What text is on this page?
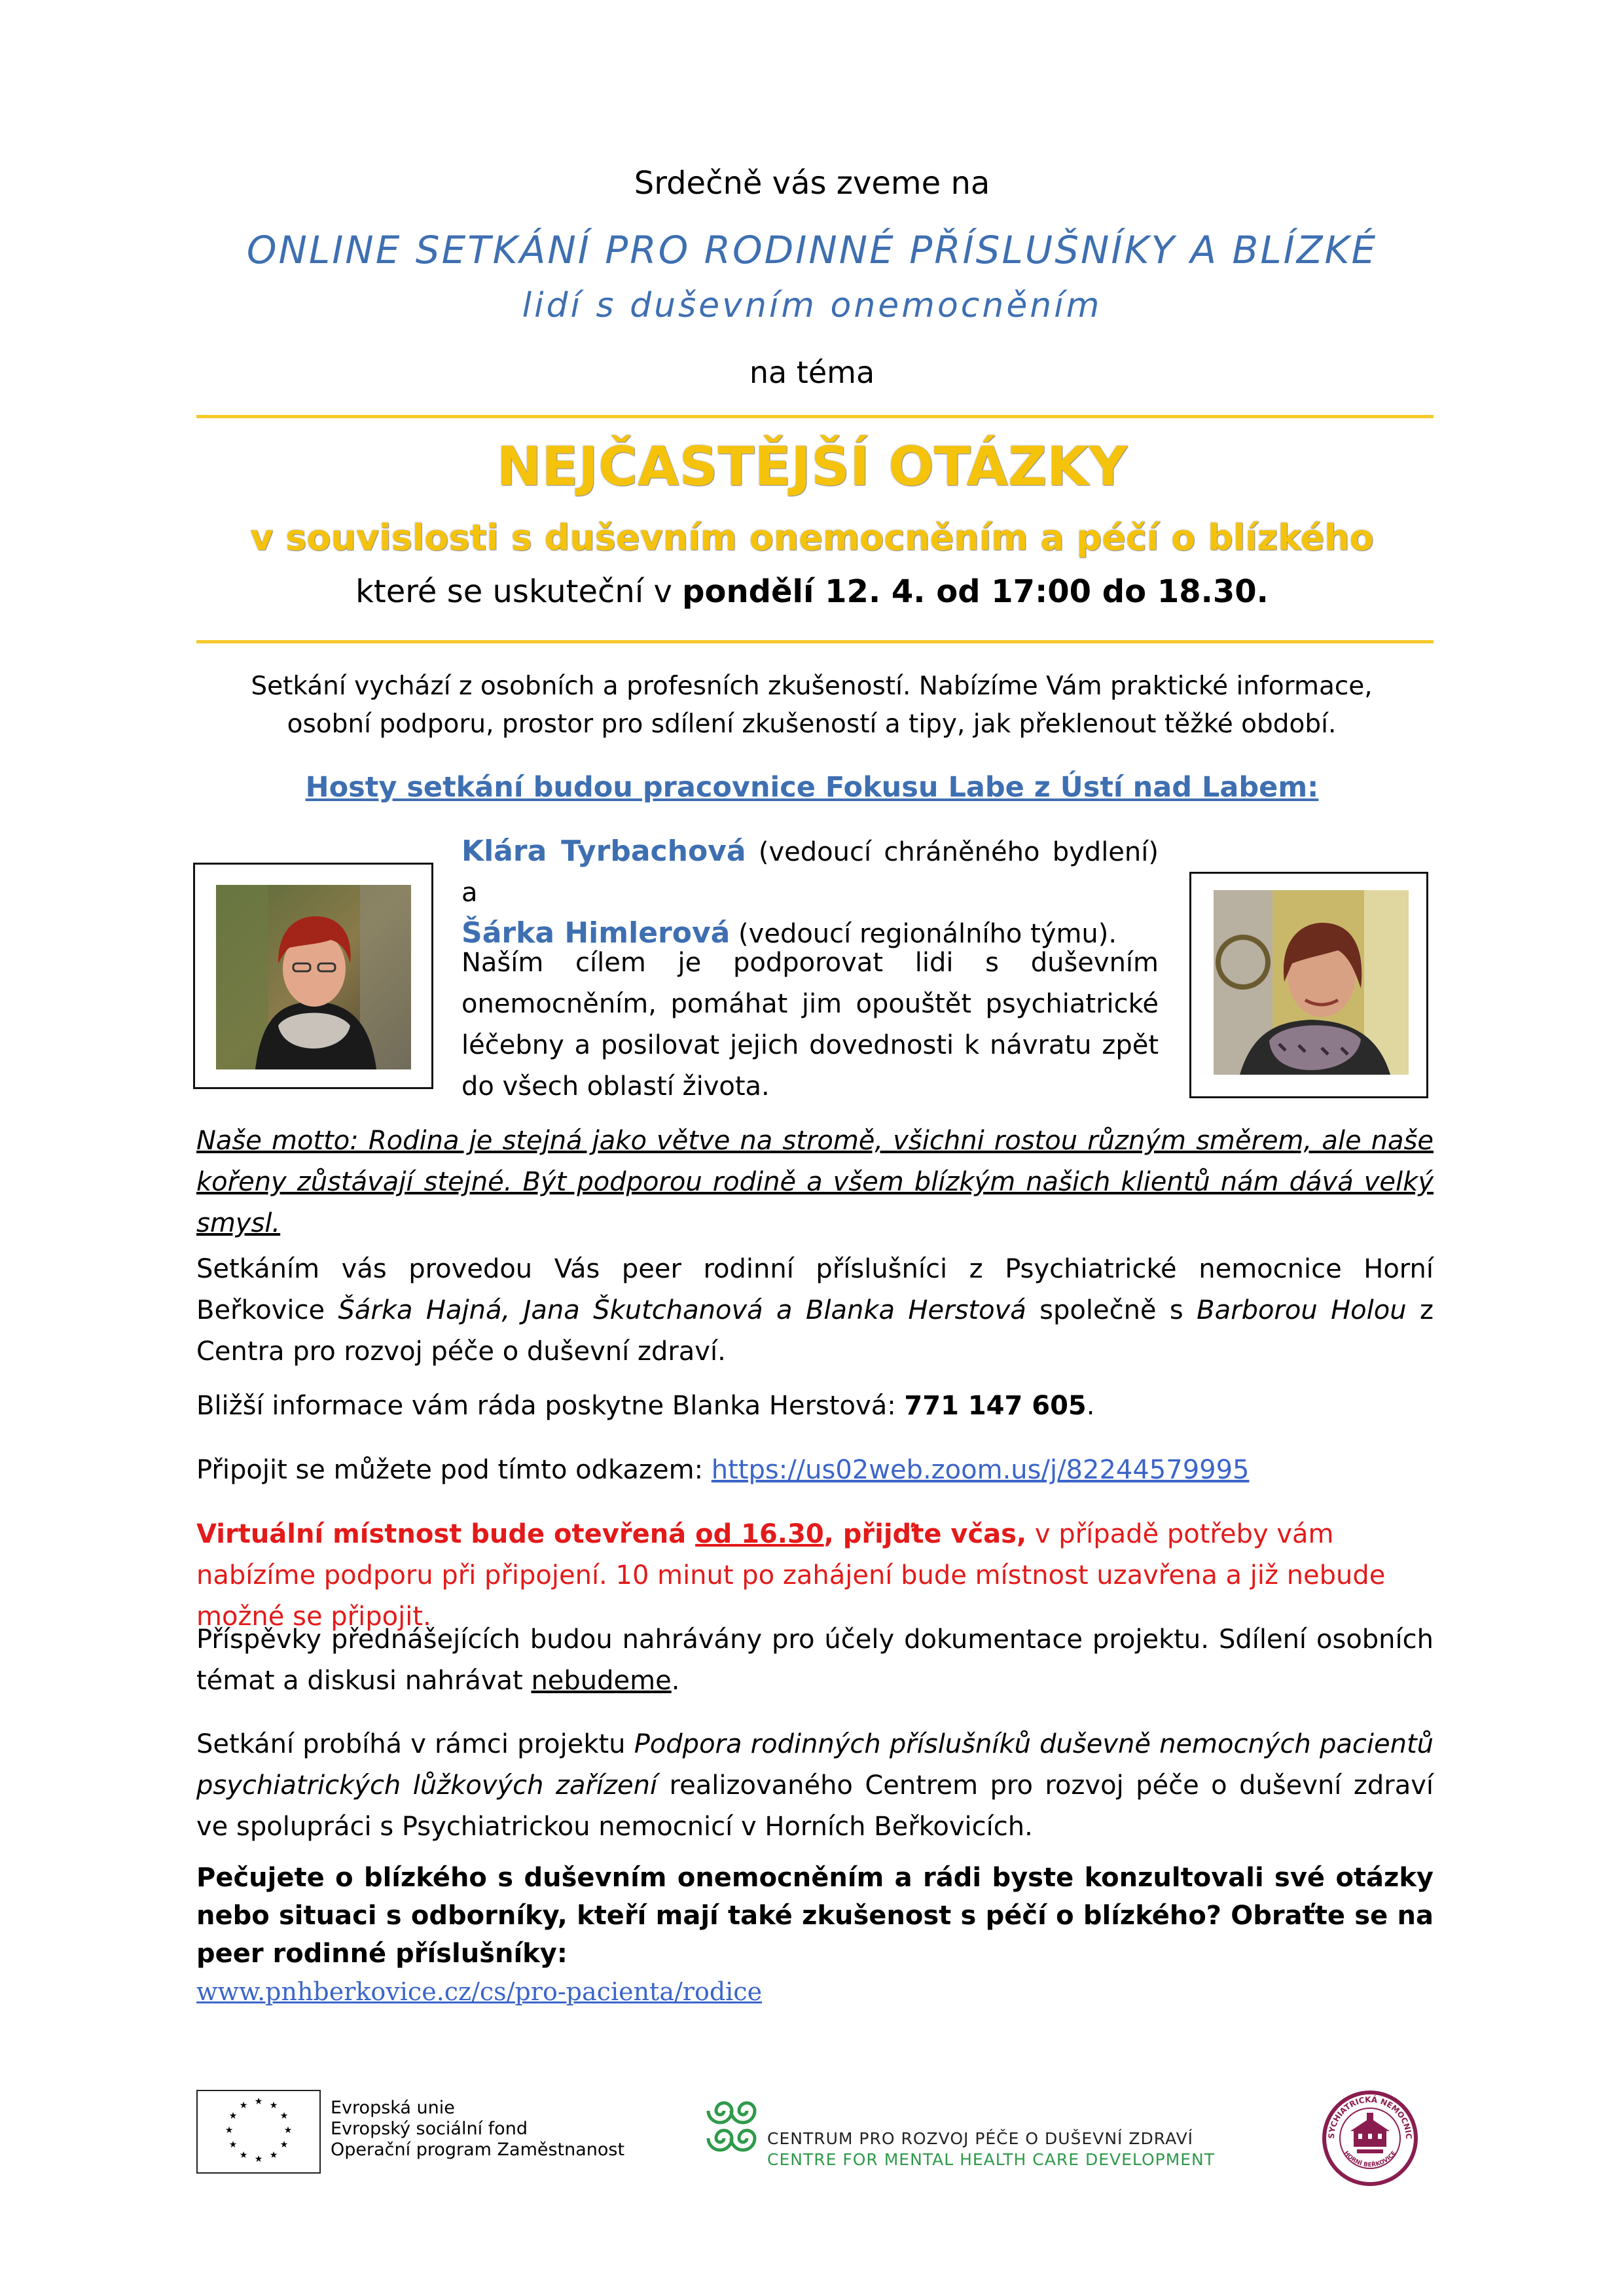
Srdečně vás zveme na
ONLINE SETKÁNÍ PRO RODINNÉ PŘÍSLUŠNÍKY A BLÍZKÉ
lidí s duševním onemocněním
na téma
NEJČASTĚJŠÍ OTÁZKY
v souvislosti s duševním onemocněním a péčí o blízkého
které se uskuteční v pondělí 12. 4. od 17:00 do 18.30.
Setkání vychází z osobních a profesních zkušeností. Nabízíme Vám praktické informace, osobní podporu, prostor pro sdílení zkušeností a tipy, jak překlenout těžké období.
Hosty setkání budou pracovnice Fokusu Labe z Ústí nad Labem:
Klára Tyrbachová (vedoucí chráněného bydlení) a
Šárka Himlerová (vedoucí regionálního týmu).
Naším cílem je podporovat lidi s duševním onemocněním, pomáhat jim opouštět psychiatrické léčebny a posilovat jejich dovednosti k návratu zpět do všech oblastí života.
Naše motto: Rodina je stejná jako větve na stromě, všichni rostou různým směrem, ale naše kořeny zůstávají stejné. Být podporou rodině a všem blízkým našich klientů nám dává velký smysl.
Setkáním vás provedou Vás peer rodinní příslušníci z Psychiatrické nemocnice Horní Beřkovice Šárka Hajná, Jana Škutchanová a Blanka Herstová společně s Barborou Holou z Centra pro rozvoj péče o duševní zdraví.
Bližší informace vám ráda poskytne Blanka Herstová: 771 147 605.
Připojit se můžete pod tímto odkazem: https://us02web.zoom.us/j/82244579995
Virtuální místnost bude otevřená od 16.30, přijďte včas, v případě potřeby vám nabízíme podporu při připojení. 10 minut po zahájení bude místnost uzavřena a již nebude možné se připojit.
Příspěvky přednášejících budou nahrávány pro účely dokumentace projektu. Sdílení osobních témat a diskusi nahrávat nebudeme.
Setkání probíhá v rámci projektu Podpora rodinných příslušníků duševně nemocných pacientů psychiatrických lůžkových zařízení realizovaného Centrem pro rozvoj péče o duševní zdraví ve spolupráci s Psychiatrickou nemocnicí v Horních Beřkovicích.
Pečujete o blízkého s duševním onemocněním a rádi byste konzultovali své otázky nebo situaci s odborníky, kteří mají také zkušenost s péčí o blízkého? Obraťte se na peer rodinné příslušníky:
www.pnhberkovice.cz/cs/pro-pacienta/rodice
★ ★
★
★
★
★
★
★
★
★
★
★	Evropská unie
Evropský sociální fond
Operační program Zaměstnanost
CENTRUM PRO ROZVOJ PÉČE O DUŠEVNÍ ZDRAVÍ
CENTRE FOR MENTAL HEALTH CARE DEVELOPMENT
SYCHIATRICKÁ NEMOCNIC
HORNÍ BEŘKOVICE
